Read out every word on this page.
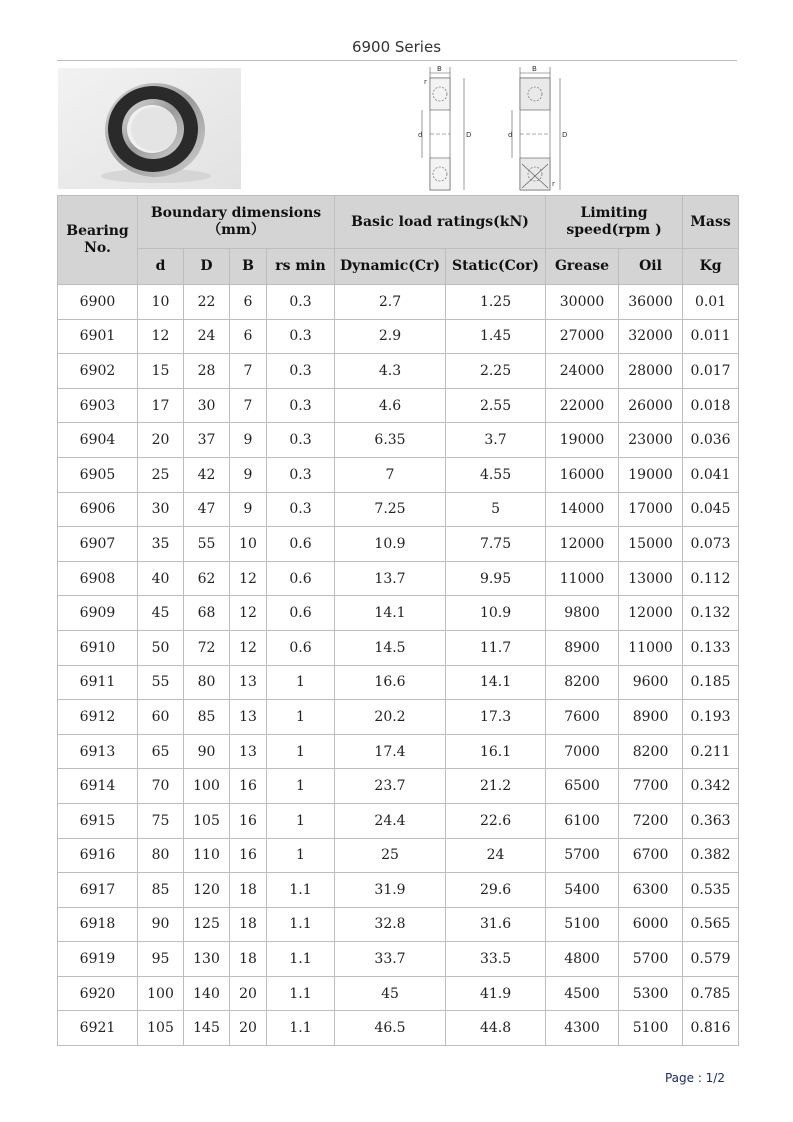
6900 Series
B	B
d	D	d	D
r
r
Bearing No.	Boundary dimensions
（mm）				Basic load ratings(kN)		Limiting speed(rpm )		Mass
	d	D	B	rs min	Dynamic(Cr)	Static(Cor)	Grease	Oil	Kg
6900	10	22	6	0.3	2.7	1.25	30000	36000	0.01
6901	12	24	6	0.3	2.9	1.45	27000	32000	0.011
6902	15	28	7	0.3	4.3	2.25	24000	28000	0.017
6903	17	30	7	0.3	4.6	2.55	22000	26000	0.018
6904	20	37	9	0.3	6.35	3.7	19000	23000	0.036
6905	25	42	9	0.3	7	4.55	16000	19000	0.041
6906	30	47	9	0.3	7.25	5	14000	17000	0.045
6907	35	55	10	0.6	10.9	7.75	12000	15000	0.073
6908	40	62	12	0.6	13.7	9.95	11000	13000	0.112
6909	45	68	12	0.6	14.1	10.9	9800	12000	0.132
6910	50	72	12	0.6	14.5	11.7	8900	11000	0.133
6911	55	80	13	1	16.6	14.1	8200	9600	0.185
6912	60	85	13	1	20.2	17.3	7600	8900	0.193
6913	65	90	13	1	17.4	16.1	7000	8200	0.211
6914	70	100	16	1	23.7	21.2	6500	7700	0.342
6915	75	105	16	1	24.4	22.6	6100	7200	0.363
6916	80	110	16	1	25	24	5700	6700	0.382
6917	85	120	18	1.1	31.9	29.6	5400	6300	0.535
6918	90	125	18	1.1	32.8	31.6	5100	6000	0.565
6919	95	130	18	1.1	33.7	33.5	4800	5700	0.579
6920	100	140	20	1.1	45	41.9	4500	5300	0.785
6921	105	145	20	1.1	46.5	44.8	4300	5100	0.816
Page : 1/2
